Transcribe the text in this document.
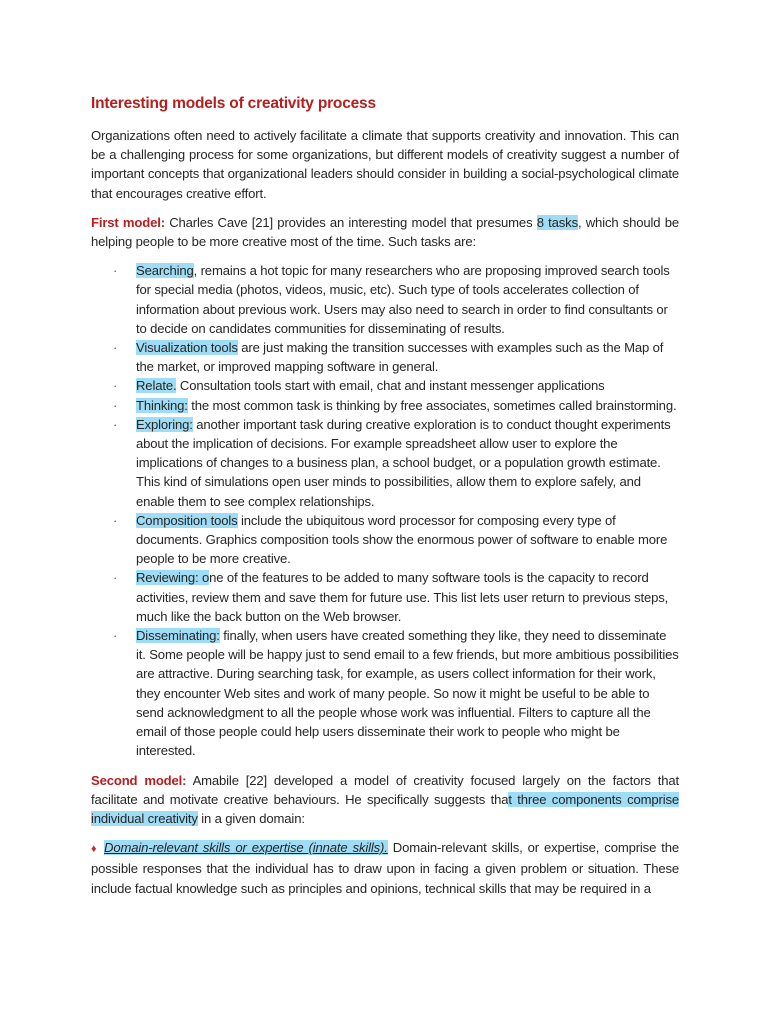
Interesting models of creativity process

Organizations often need to actively facilitate a climate that supports creativity and innovation. This can be a challenging process for some organizations, but different models of creativity suggest a number of important concepts that organizational leaders should consider in building a social-psychological climate that encourages creative effort.

First model: Charles Cave [21] provides an interesting model that presumes 8 tasks, which should be helping people to be more creative most of the time. Such tasks are:

· Searching, remains a hot topic for many researchers who are proposing improved search tools for special media (photos, videos, music, etc). Such type of tools accelerates collection of information about previous work. Users may also need to search in order to find consultants or to decide on candidates communities for disseminating of results.
· Visualization tools are just making the transition successes with examples such as the Map of the market, or improved mapping software in general.
· Relate. Consultation tools start with email, chat and instant messenger applications
· Thinking: the most common task is thinking by free associates, sometimes called brainstorming.
· Exploring: another important task during creative exploration is to conduct thought experiments about the implication of decisions. For example spreadsheet allow user to explore the implications of changes to a business plan, a school budget, or a population growth estimate. This kind of simulations open user minds to possibilities, allow them to explore safely, and enable them to see complex relationships.
· Composition tools include the ubiquitous word processor for composing every type of documents. Graphics composition tools show the enormous power of software to enable more people to be more creative.
· Reviewing: one of the features to be added to many software tools is the capacity to record activities, review them and save them for future use. This list lets user return to previous steps, much like the back button on the Web browser.
· Disseminating: finally, when users have created something they like, they need to disseminate it. Some people will be happy just to send email to a few friends, but more ambitious possibilities are attractive. During searching task, for example, as users collect information for their work, they encounter Web sites and work of many people. So now it might be useful to be able to send acknowledgment to all the people whose work was influential. Filters to capture all the email of those people could help users disseminate their work to people who might be interested.

Second model: Amabile [22] developed a model of creativity focused largely on the factors that facilitate and motivate creative behaviours. He specifically suggests that three components comprise individual creativity in a given domain:

♦ Domain-relevant skills or expertise (innate skills). Domain-relevant skills, or expertise, comprise the possible responses that the individual has to draw upon in facing a given problem or situation. These include factual knowledge such as principles and opinions, technical skills that may be required in a
